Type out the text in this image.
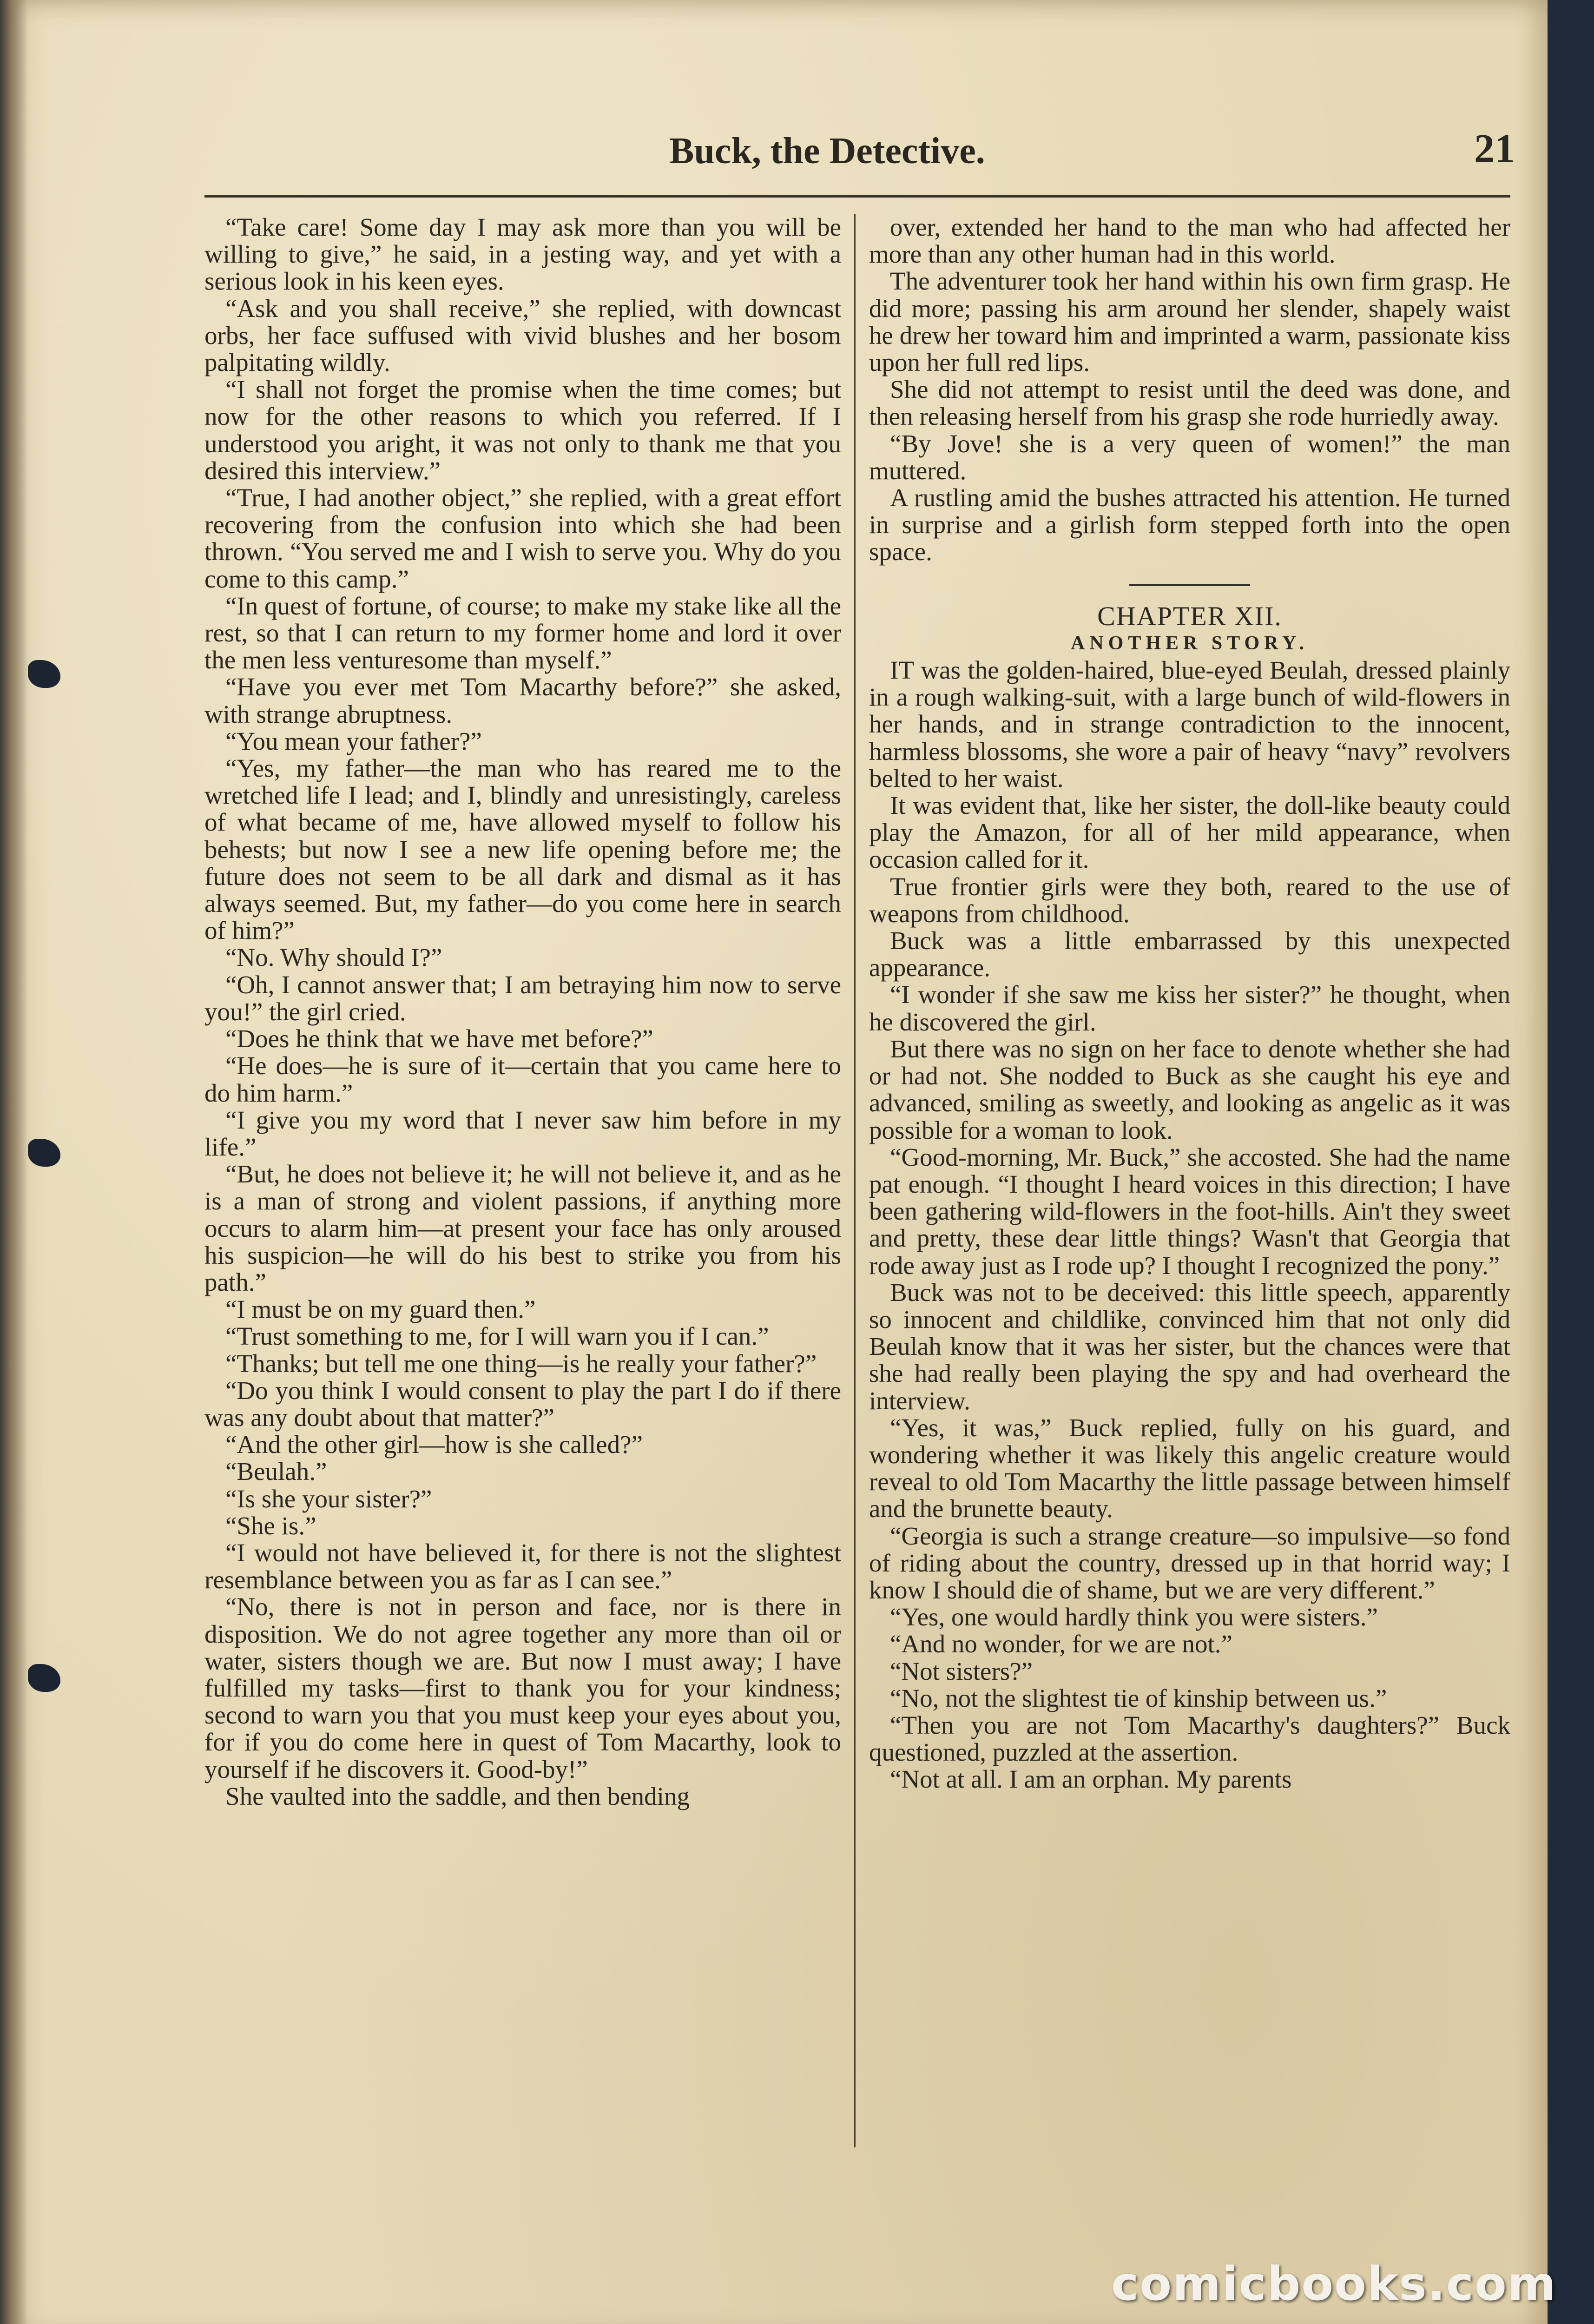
Buck, the Detective.	21

“Take care! Some day I may ask more than you will be willing to give,” he said, in a jesting way, and yet with a serious look in his keen eyes.

“Ask and you shall receive,” she replied, with downcast orbs, her face suffused with vivid blushes and her bosom palpitating wildly.

“I shall not forget the promise when the time comes; but now for the other reasons to which you referred. If I understood you aright, it was not only to thank me that you desired this interview.”

“True, I had another object,” she replied, with a great effort recovering from the confusion into which she had been thrown. “You served me and I wish to serve you. Why do you come to this camp.”

“In quest of fortune, of course; to make my stake like all the rest, so that I can return to my former home and lord it over the men less venturesome than myself.”

“Have you ever met Tom Macarthy before?” she asked, with strange abruptness.

“You mean your father?”

“Yes, my father—the man who has reared me to the wretched life I lead; and I, blindly and unresistingly, careless of what became of me, have allowed myself to follow his behests; but now I see a new life opening before me; the future does not seem to be all dark and dismal as it has always seemed. But, my father—do you come here in search of him?”

“No. Why should I?”

“Oh, I cannot answer that; I am betraying him now to serve you!” the girl cried.

“Does he think that we have met before?”

“He does—he is sure of it—certain that you came here to do him harm.”

“I give you my word that I never saw him before in my life.”

“But, he does not believe it; he will not believe it, and as he is a man of strong and violent passions, if anything more occurs to alarm him—at present your face has only aroused his suspicion—he will do his best to strike you from his path.”

“I must be on my guard then.”

“Trust something to me, for I will warn you if I can.”

“Thanks; but tell me one thing—is he really your father?”

“Do you think I would consent to play the part I do if there was any doubt about that matter?”

“And the other girl—how is she called?”

“Beulah.”

“Is she your sister?”

“She is.”

“I would not have believed it, for there is not the slightest resemblance between you as far as I can see.”

“No, there is not in person and face, nor is there in disposition. We do not agree together any more than oil or water, sisters though we are. But now I must away; I have fulfilled my tasks—first to thank you for your kindness; second to warn you that you must keep your eyes about you, for if you do come here in quest of Tom Macarthy, look to yourself if he discovers it. Good-by!”

She vaulted into the saddle, and then bending

over, extended her hand to the man who had affected her more than any other human had in this world.

The adventurer took her hand within his own firm grasp. He did more; passing his arm around her slender, shapely waist he drew her toward him and imprinted a warm, passionate kiss upon her full red lips.

She did not attempt to resist until the deed was done, and then releasing herself from his grasp she rode hurriedly away.

“By Jove! she is a very queen of women!” the man muttered.

A rustling amid the bushes attracted his attention. He turned in surprise and a girlish form stepped forth into the open space.

CHAPTER XII.

ANOTHER STORY.

IT was the golden-haired, blue-eyed Beulah, dressed plainly in a rough walking-suit, with a large bunch of wild-flowers in her hands, and in strange contradiction to the innocent, harmless blossoms, she wore a pair of heavy “navy” revolvers belted to her waist.

It was evident that, like her sister, the doll-like beauty could play the Amazon, for all of her mild appearance, when occasion called for it.

True frontier girls were they both, reared to the use of weapons from childhood.

Buck was a little embarrassed by this unexpected appearance.

“I wonder if she saw me kiss her sister?” he thought, when he discovered the girl.

But there was no sign on her face to denote whether she had or had not. She nodded to Buck as she caught his eye and advanced, smiling as sweetly, and looking as angelic as it was possible for a woman to look.

“Good-morning, Mr. Buck,” she accosted. She had the name pat enough. “I thought I heard voices in this direction; I have been gathering wild-flowers in the foot-hills. Ain't they sweet and pretty, these dear little things? Wasn't that Georgia that rode away just as I rode up? I thought I recognized the pony.”

Buck was not to be deceived: this little speech, apparently so innocent and childlike, convinced him that not only did Beulah know that it was her sister, but the chances were that she had really been playing the spy and had overheard the interview.

“Yes, it was,” Buck replied, fully on his guard, and wondering whether it was likely this angelic creature would reveal to old Tom Macarthy the little passage between himself and the brunette beauty.

“Georgia is such a strange creature—so impulsive—so fond of riding about the country, dressed up in that horrid way; I know I should die of shame, but we are very different.”

“Yes, one would hardly think you were sisters.”

“And no wonder, for we are not.”

“Not sisters?”

“No, not the slightest tie of kinship between us.”

“Then you are not Tom Macarthy's daughters?” Buck questioned, puzzled at the assertion.

“Not at all. I am an orphan. My parents

comicbooks.com
